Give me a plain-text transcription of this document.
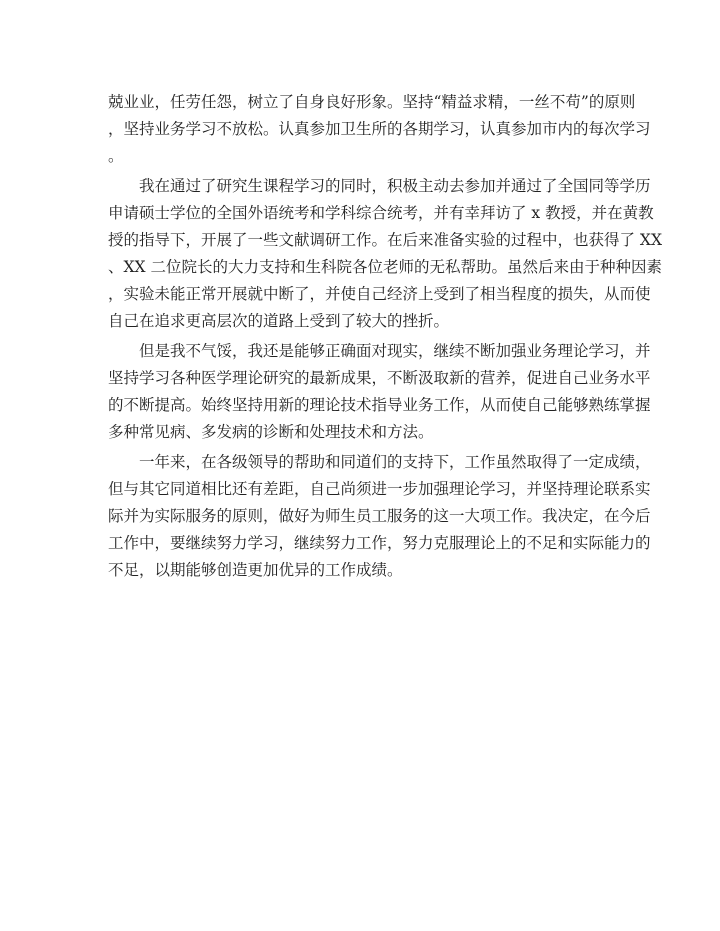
兢业业，任劳任怨，树立了自身良好形象。坚持“精益求精，一丝不苟”的原则
，坚持业务学习不放松。认真参加卫生所的各期学习，认真参加市内的每次学习
。
我在通过了研究生课程学习的同时，积极主动去参加并通过了全国同等学历
申请硕士学位的全国外语统考和学科综合统考，并有幸拜访了 x 教授，并在黄教
授的指导下，开展了一些文献调研工作。在后来准备实验的过程中，也获得了 XX
、XX 二位院长的大力支持和生科院各位老师的无私帮助。虽然后来由于种种因素
，实验未能正常开展就中断了，并使自己经济上受到了相当程度的损失，从而使
自己在追求更高层次的道路上受到了较大的挫折。
但是我不气馁，我还是能够正确面对现实，继续不断加强业务理论学习，并
坚持学习各种医学理论研究的最新成果，不断汲取新的营养，促进自己业务水平
的不断提高。始终坚持用新的理论技术指导业务工作，从而使自己能够熟练掌握
多种常见病、多发病的诊断和处理技术和方法。
一年来，在各级领导的帮助和同道们的支持下，工作虽然取得了一定成绩，
但与其它同道相比还有差距，自己尚须进一步加强理论学习，并坚持理论联系实
际并为实际服务的原则，做好为师生员工服务的这一大项工作。我决定，在今后
工作中，要继续努力学习，继续努力工作，努力克服理论上的不足和实际能力的
不足，以期能够创造更加优异的工作成绩。
